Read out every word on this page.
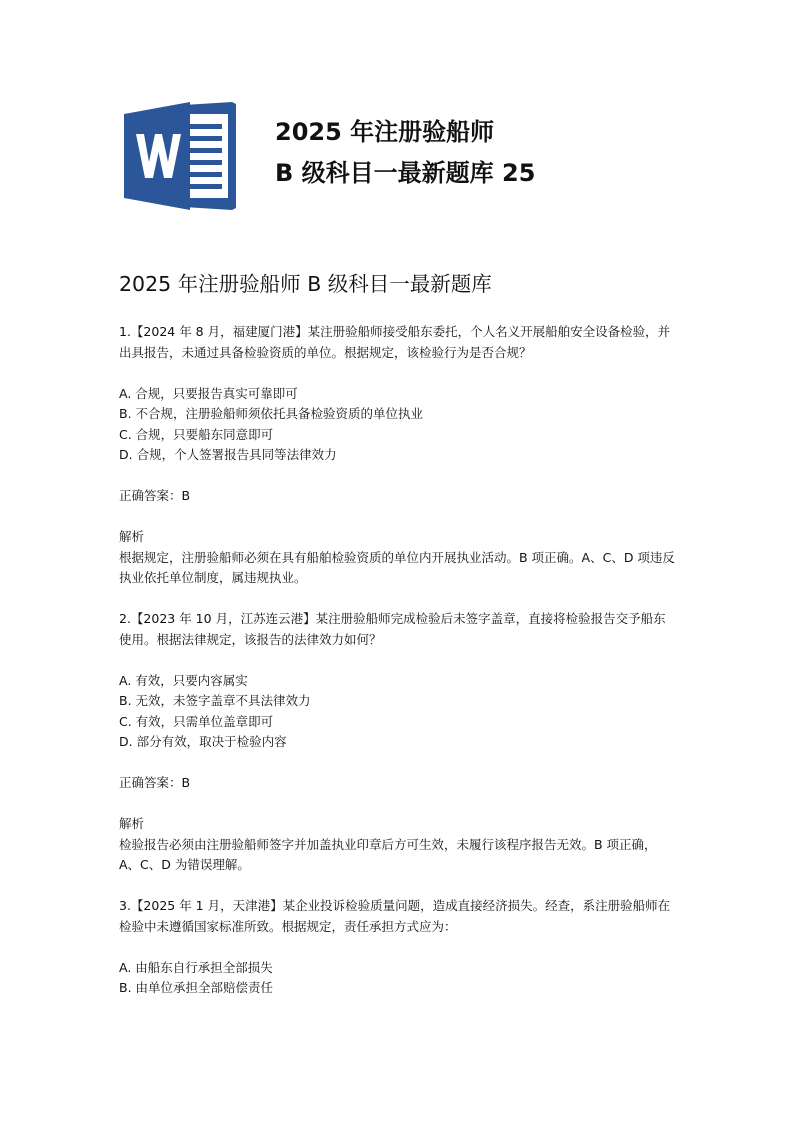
2025 年注册验船师
B 级科目一最新题库 25
2025 年注册验船师 B 级科目一最新题库

1.【2024 年 8 月，福建厦门港】某注册验船师接受船东委托，个人名义开展船舶安全设备检验，并出具报告，未通过具备检验资质的单位。根据规定，该检验行为是否合规？

A. 合规，只要报告真实可靠即可

B. 不合规，注册验船师须依托具备检验资质的单位执业

C. 合规，只要船东同意即可

D. 合规，个人签署报告具同等法律效力

正确答案：B

解析

根据规定，注册验船师必须在具有船舶检验资质的单位内开展执业活动。B 项正确。A、C、D 项违反执业依托单位制度，属违规执业。

2.【2023 年 10 月，江苏连云港】某注册验船师完成检验后未签字盖章，直接将检验报告交予船东使用。根据法律规定，该报告的法律效力如何？

A. 有效，只要内容属实

B. 无效，未签字盖章不具法律效力

C. 有效，只需单位盖章即可

D. 部分有效，取决于检验内容

正确答案：B

解析

检验报告必须由注册验船师签字并加盖执业印章后方可生效，未履行该程序报告无效。B 项正确，A、C、D 为错误理解。

3.【2025 年 1 月，天津港】某企业投诉检验质量问题，造成直接经济损失。经查，系注册验船师在检验中未遵循国家标准所致。根据规定，责任承担方式应为：

A. 由船东自行承担全部损失

B. 由单位承担全部赔偿责任
